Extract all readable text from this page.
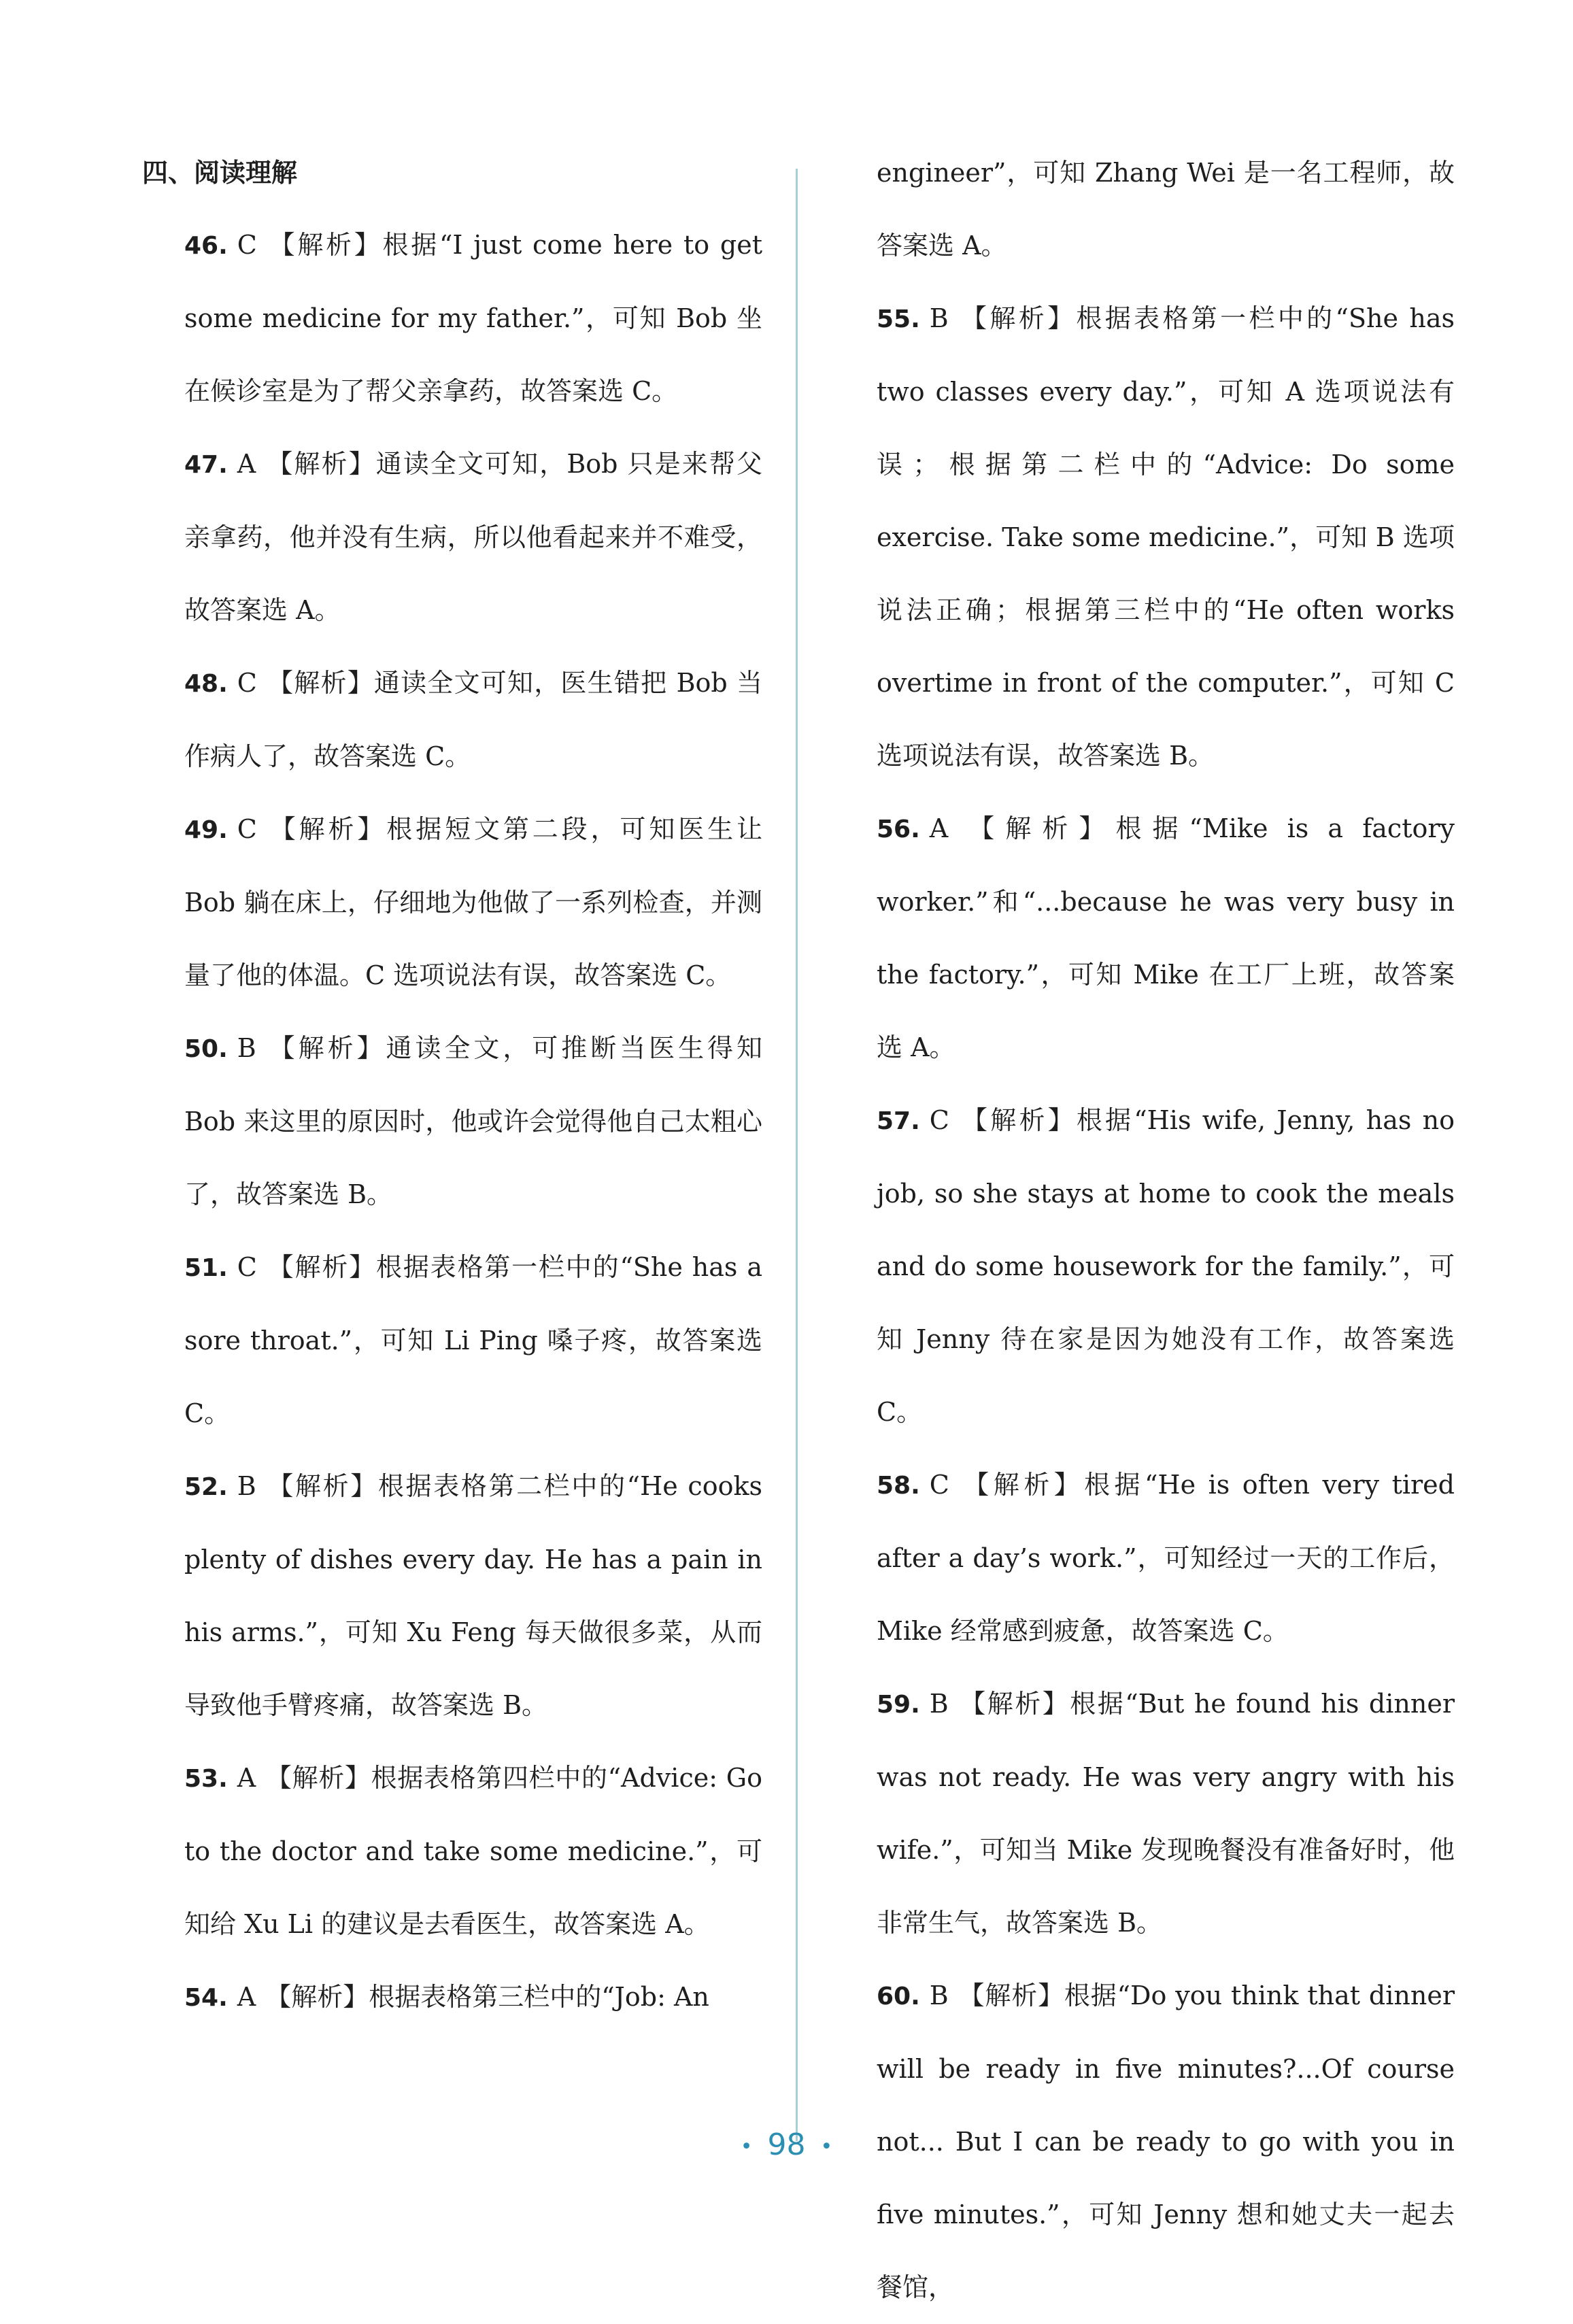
四、阅读理解

46. C 【解析】根据“I just come here to get some medicine for my father.”，可知 Bob 坐在候诊室是为了帮父亲拿药，故答案选 C。

47. A 【解析】通读全文可知，Bob 只是来帮父亲拿药，他并没有生病，所以他看起来并不难受，故答案选 A。

48. C 【解析】通读全文可知，医生错把 Bob 当作病人了，故答案选 C。

49. C 【解析】根据短文第二段，可知医生让 Bob 躺在床上，仔细地为他做了一系列检查，并测量了他的体温。C 选项说法有误，故答案选 C。

50. B 【解析】通读全文，可推断当医生得知 Bob 来这里的原因时，他或许会觉得他自己太粗心了，故答案选 B。

51. C 【解析】根据表格第一栏中的“She has a sore throat.”，可知 Li Ping 嗓子疼，故答案选 C。

52. B 【解析】根据表格第二栏中的“He cooks plenty of dishes every day. He has a pain in his arms.”，可知 Xu Feng 每天做很多菜，从而导致他手臂疼痛，故答案选 B。

53. A 【解析】根据表格第四栏中的“Advice: Go to the doctor and take some medicine.”，可知给 Xu Li 的建议是去看医生，故答案选 A。

54. A 【解析】根据表格第三栏中的“Job: An

engineer”，可知 Zhang Wei 是一名工程师，故答案选 A。

55. B 【解析】根据表格第一栏中的“She has two classes every day.”，可知 A 选项说法有误；根据第二栏中的“Advice: Do some exercise. Take some medicine.”，可知 B 选项说法正确；根据第三栏中的“He often works overtime in front of the computer.”，可知 C 选项说法有误，故答案选 B。

56. A 【解析】根据“Mike is a factory worker.”和“...because he was very busy in the factory.”，可知 Mike 在工厂上班，故答案选 A。

57. C 【解析】根据“His wife, Jenny, has no job, so she stays at home to cook the meals and do some housework for the family.”，可知 Jenny 待在家是因为她没有工作，故答案选 C。

58. C 【解析】根据“He is often very tired after a day’s work.”，可知经过一天的工作后，Mike 经常感到疲惫，故答案选 C。

59. B 【解析】根据“But he found his dinner was not ready. He was very angry with his wife.”，可知当 Mike 发现晚餐没有准备好时，他非常生气，故答案选 B。

60. B 【解析】根据“Do you think that dinner will be ready in five minutes?...Of course not... But I can be ready to go with you in five minutes.”，可知 Jenny 想和她丈夫一起去餐馆，

• 98 •
